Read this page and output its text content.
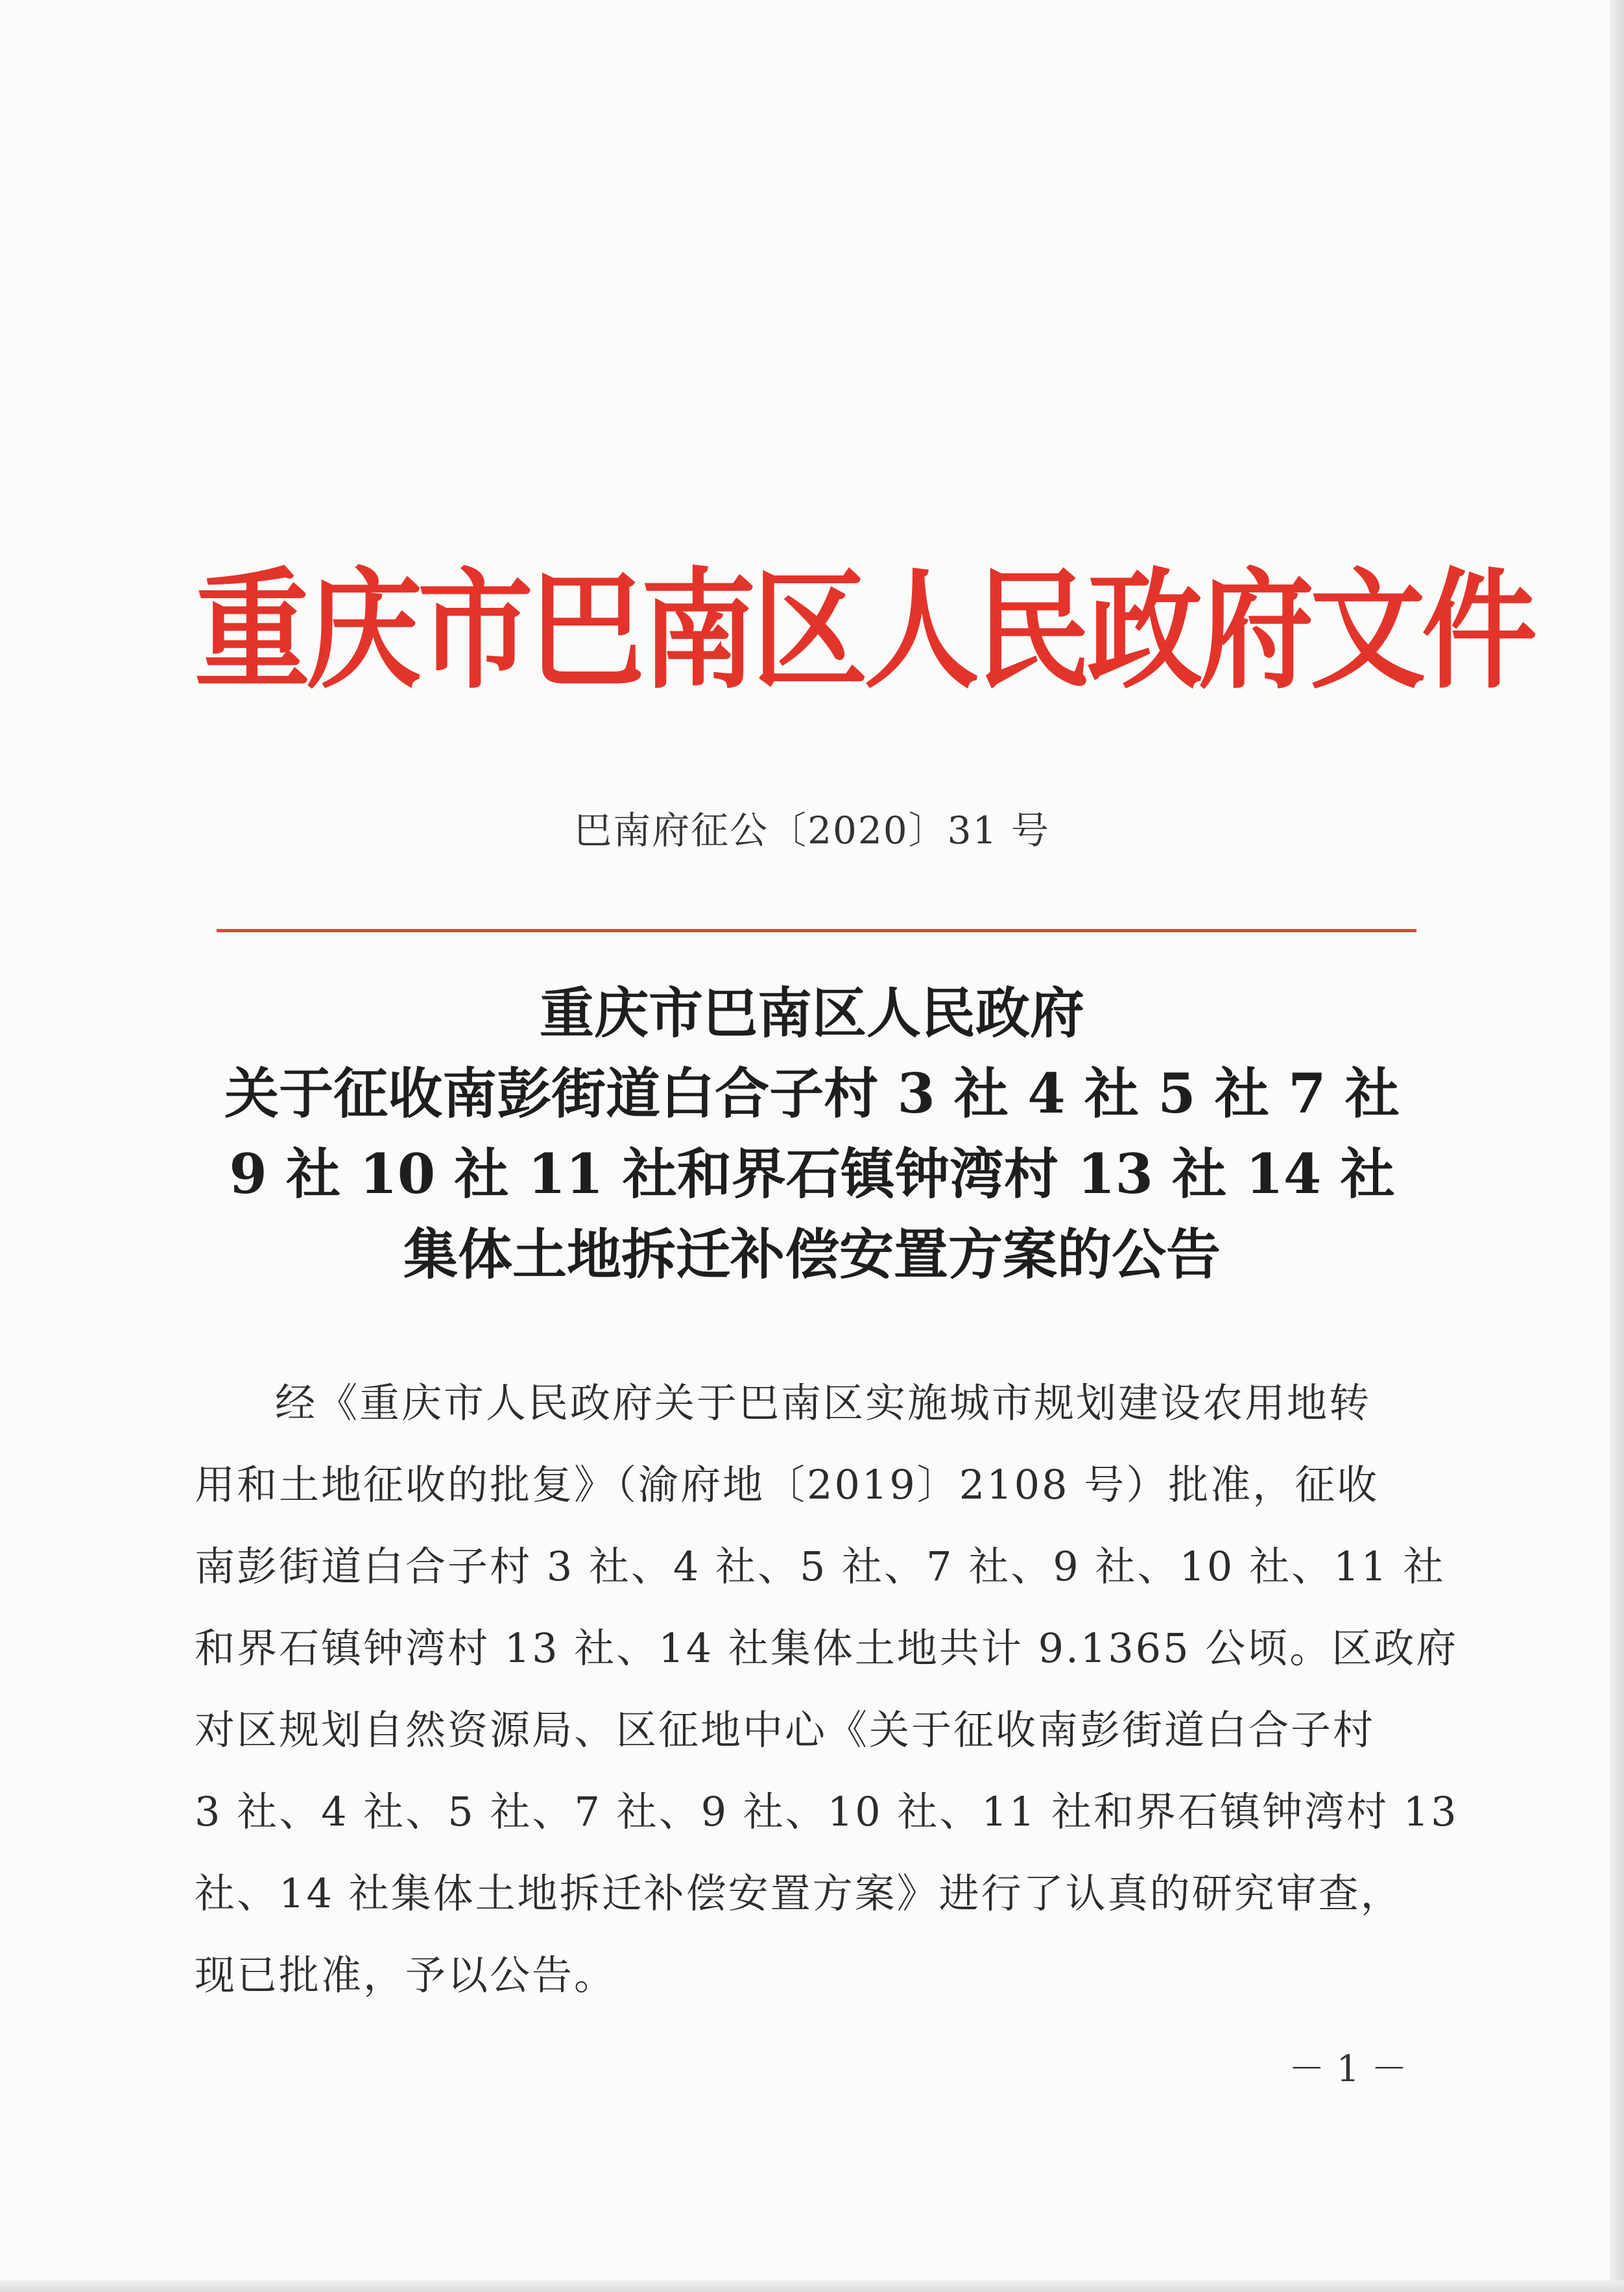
重庆市巴南区人民政府文件
巴南府征公〔2020〕31 号
重庆市巴南区人民政府
关于征收南彭街道白合子村 3 社 4 社 5 社 7 社
9 社 10 社 11 社和界石镇钟湾村 13 社 14 社
集体土地拆迁补偿安置方案的公告
经《重庆市人民政府关于巴南区实施城市规划建设农用地转
用和土地征收的批复》（渝府地〔2019〕2108 号）批准，征收
南彭街道白合子村 3 社、4 社、5 社、7 社、9 社、10 社、11 社
和界石镇钟湾村 13 社、14 社集体土地共计 9.1365 公顷。区政府
对区规划自然资源局、区征地中心《关于征收南彭街道白合子村
3 社、4 社、5 社、7 社、9 社、10 社、11 社和界石镇钟湾村 13
社、14 社集体土地拆迁补偿安置方案》进行了认真的研究审查，
现已批准，予以公告。
－ 1 －
